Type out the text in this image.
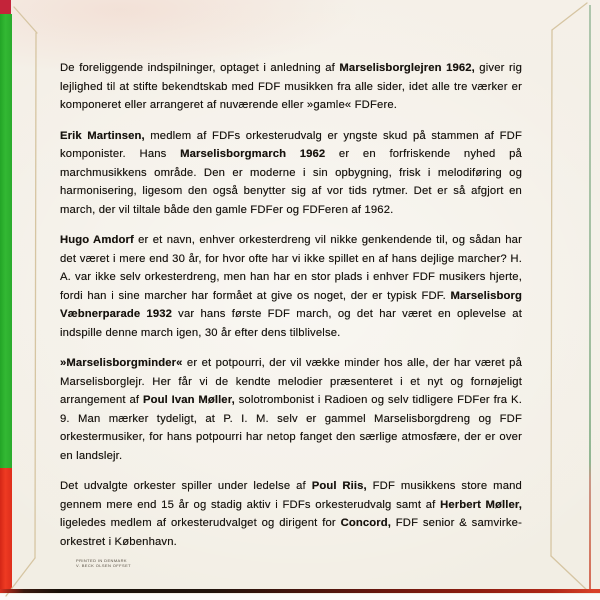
De foreliggende indspilninger, optaget i anledning af Marselisborglejren 1962, giver rig lejlighed til at stifte bekendtskab med FDF musikken fra alle sider, idet alle tre værker er komponeret eller arrangeret af nuværende eller »gamle« FDFere.

Erik Martinsen, medlem af FDFs orkesterudvalg er yngste skud på stammen af FDF komponister. Hans Marselisborgmarch 1962 er en forfriskende nyhed på marchmusikkens område. Den er moderne i sin opbygning, frisk i melodiføring og harmonisering, ligesom den også benytter sig af vor tids rytmer. Det er så afgjort en march, der vil tiltale både den gamle FDFer og FDFeren af 1962.

Hugo Amdorf er et navn, enhver orkesterdreng vil nikke genkendende til, og sådan har det været i mere end 30 år, for hvor ofte har vi ikke spillet en af hans dejlige marcher? H. A. var ikke selv orkesterdreng, men han har en stor plads i enhver FDF musikers hjerte, fordi han i sine marcher har formået at give os noget, der er typisk FDF. Marselisborg Væbnerparade 1932 var hans første FDF march, og det har været en oplevelse at indspille denne march igen, 30 år efter dens tilblivelse.

»Marselisborgminder« er et potpourri, der vil vække minder hos alle, der har været på Marselisborglejr. Her får vi de kendte melodier præsenteret i et nyt og fornøjeligt arrangement af Poul Ivan Møller, solotrombonist i Radioen og selv tidligere FDFer fra K. 9. Man mærker tydeligt, at P. I. M. selv er gammel Marselisborgdreng og FDF orkestermusiker, for hans potpourri har netop fanget den særlige atmosfære, der er over en landslejr.

Det udvalgte orkester spiller under ledelse af Poul Riis, FDF musikkens store mand gennem mere end 15 år og stadig aktiv i FDFs orkesterudvalg samt af Herbert Møller, ligeledes medlem af orkesterudvalget og dirigent for Concord, FDF senior & samvirke-orkestret i København.

PRINTED IN DENMARK
V. BECK OLSEN OFFSET
